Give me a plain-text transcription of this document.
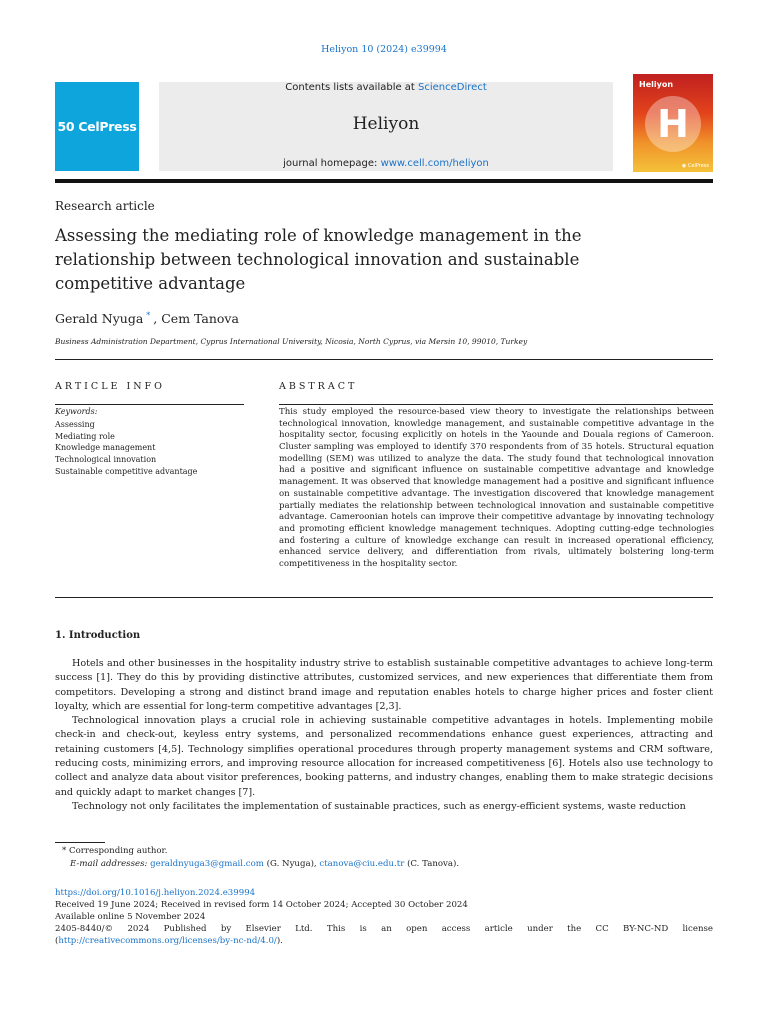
Heliyon 10 (2024) e39994
50 CelPress
Contents lists available at ScienceDirect
Heliyon
journal homepage: www.cell.com/heliyon
Heliyon
H
◉ CelPress
Research article
Assessing the mediating role of knowledge management in the relationship between technological innovation and sustainable competitive advantage
Gerald Nyuga * , Cem Tanova
Business Administration Department, Cyprus International University, Nicosia, North Cyprus, via Mersin 10, 99010, Turkey
ARTICLE INFO
Keywords:
Assessing
Mediating role
Knowledge management
Technological innovation
Sustainable competitive advantage
ABSTRACT
This study employed the resource-based view theory to investigate the relationships between technological innovation, knowledge management, and sustainable competitive advantage in the hospitality sector, focusing explicitly on hotels in the Yaounde and Douala regions of Cameroon. Cluster sampling was employed to identify 370 respondents from of 35 hotels. Structural equation modelling (SEM) was utilized to analyze the data. The study found that technological innovation had a positive and significant influence on sustainable competitive advantage and knowledge management. It was observed that knowledge management had a positive and significant influence on sustainable competitive advantage. The investigation discovered that knowledge management partially mediates the relationship between technological innovation and sustainable competitive advantage. Cameroonian hotels can improve their competitive advantage by innovating technology and promoting efficient knowledge management techniques. Adopting cutting-edge technologies and fostering a culture of knowledge exchange can result in increased operational efficiency, enhanced service delivery, and differentiation from rivals, ultimately bolstering long-term competitiveness in the hospitality sector.
1. Introduction

Hotels and other businesses in the hospitality industry strive to establish sustainable competitive advantages to achieve long-term success [1]. They do this by providing distinctive attributes, customized services, and new experiences that differentiate them from competitors. Developing a strong and distinct brand image and reputation enables hotels to charge higher prices and foster client loyalty, which are essential for long-term competitive advantages [2,3].

Technological innovation plays a crucial role in achieving sustainable competitive advantages in hotels. Implementing mobile check-in and check-out, keyless entry systems, and personalized recommendations enhance guest experiences, attracting and retaining customers [4,5]. Technology simplifies operational procedures through property management systems and CRM software, reducing costs, minimizing errors, and improving resource allocation for increased competitiveness [6]. Hotels also use technology to collect and analyze data about visitor preferences, booking patterns, and industry changes, enabling them to make strategic decisions and quickly adapt to market changes [7].

Technology not only facilitates the implementation of sustainable practices, such as energy-efficient systems, waste reduction

* Corresponding author.
E-mail addresses: geraldnyuga3@gmail.com (G. Nyuga), ctanova@ciu.edu.tr (C. Tanova).
https://doi.org/10.1016/j.heliyon.2024.e39994
Received 19 June 2024; Received in revised form 14 October 2024; Accepted 30 October 2024
Available online 5 November 2024
2405-8440/© 2024 Published by Elsevier Ltd. This is an open access article under the CC BY-NC-ND license
(http://creativecommons.org/licenses/by-nc-nd/4.0/).
